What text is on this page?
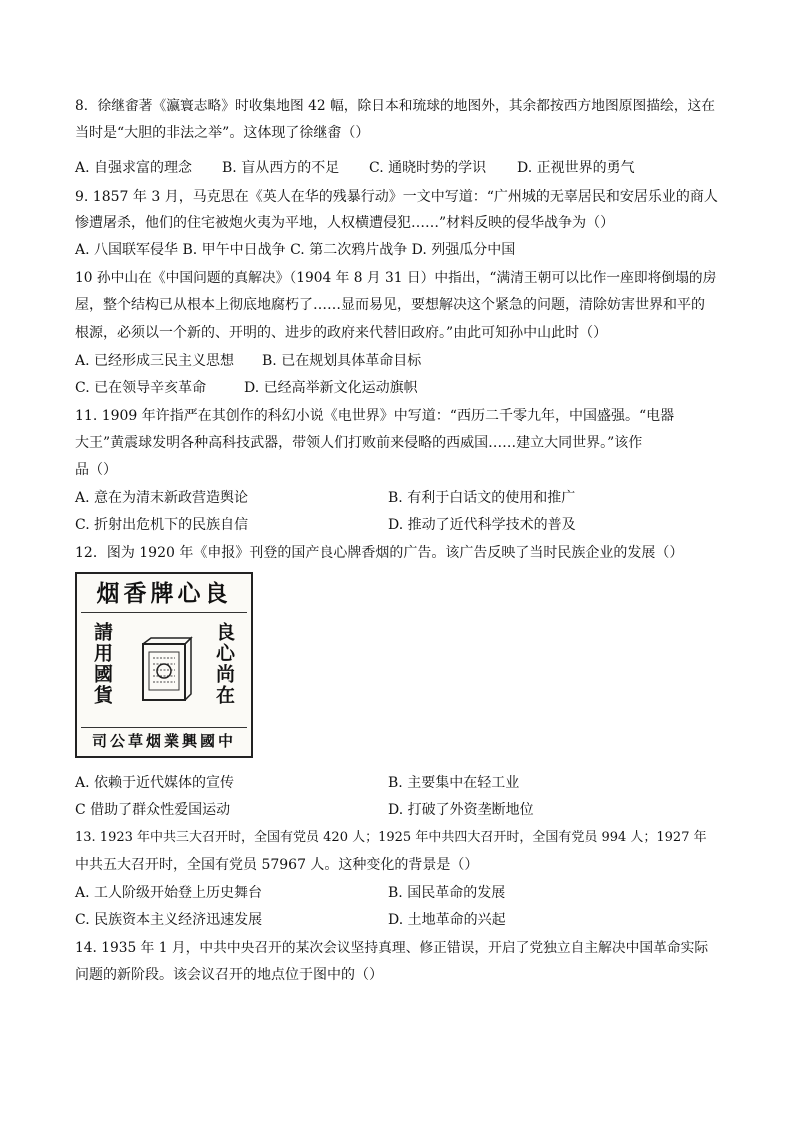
8．徐继畬著《瀛寰志略》时收集地图 42 幅，除日本和琉球的地图外，其余都按西方地图原图描绘，这在
当时是“大胆的非法之举”。这体现了徐继畬（）
A. 自强求富的理念 B. 盲从西方的不足 C. 通晓时势的学识 D. 正视世界的勇气
9. 1857 年 3 月，马克思在《英人在华的残暴行动》一文中写道：“广州城的无辜居民和安居乐业的商人
惨遭屠杀，他们的住宅被炮火夷为平地，人权横遭侵犯……”材料反映的侵华战争为（）
A. 八国联军侵华 B. 甲午中日战争 C. 第二次鸦片战争 D. 列强瓜分中国
10 孙中山在《中国问题的真解决》（1904 年 8 月 31 日）中指出，“满清王朝可以比作一座即将倒塌的房
屋，整个结构已从根本上彻底地腐朽了……显而易见，要想解决这个紧急的问题，清除妨害世界和平的
根源，必须以一个新的、开明的、进步的政府来代替旧政府。”由此可知孙中山此时（）
A. 已经形成三民主义思想 B. 已在规划具体革命目标
C. 已在领导辛亥革命	D. 已经高举新文化运动旗帜
11. 1909 年许指严在其创作的科幻小说《电世界》中写道：“西历二千零九年，中国盛强。“电器
大王”黄震球发明各种高科技武器，带领人们打败前来侵略的西威国……建立大同世界。”该作
品（）
A. 意在为清末新政营造舆论	B. 有利于白话文的使用和推广
C. 折射出危机下的民族自信	D. 推动了近代科学技术的普及
12．图为 1920 年《申报》刊登的国产良心牌香烟的广告。该广告反映了当时民族企业的发展（）
烟香牌心良
請用國貨	良心尚在
司公草烟業興國中
A. 依赖于近代媒体的宣传	B. 主要集中在轻工业
C 借助了群众性爱国运动	D. 打破了外资垄断地位
13. 1923 年中共三大召开时，全国有党员 420 人；1925 年中共四大召开时，全国有党员 994 人；1927 年
中共五大召开时，全国有党员 57967 人。这种变化的背景是（）
A. 工人阶级开始登上历史舞台	B. 国民革命的发展
C. 民族资本主义经济迅速发展	D. 土地革命的兴起
14. 1935 年 1 月，中共中央召开的某次会议坚持真理、修正错误，开启了党独立自主解决中国革命实际
问题的新阶段。该会议召开的地点位于图中的（）
